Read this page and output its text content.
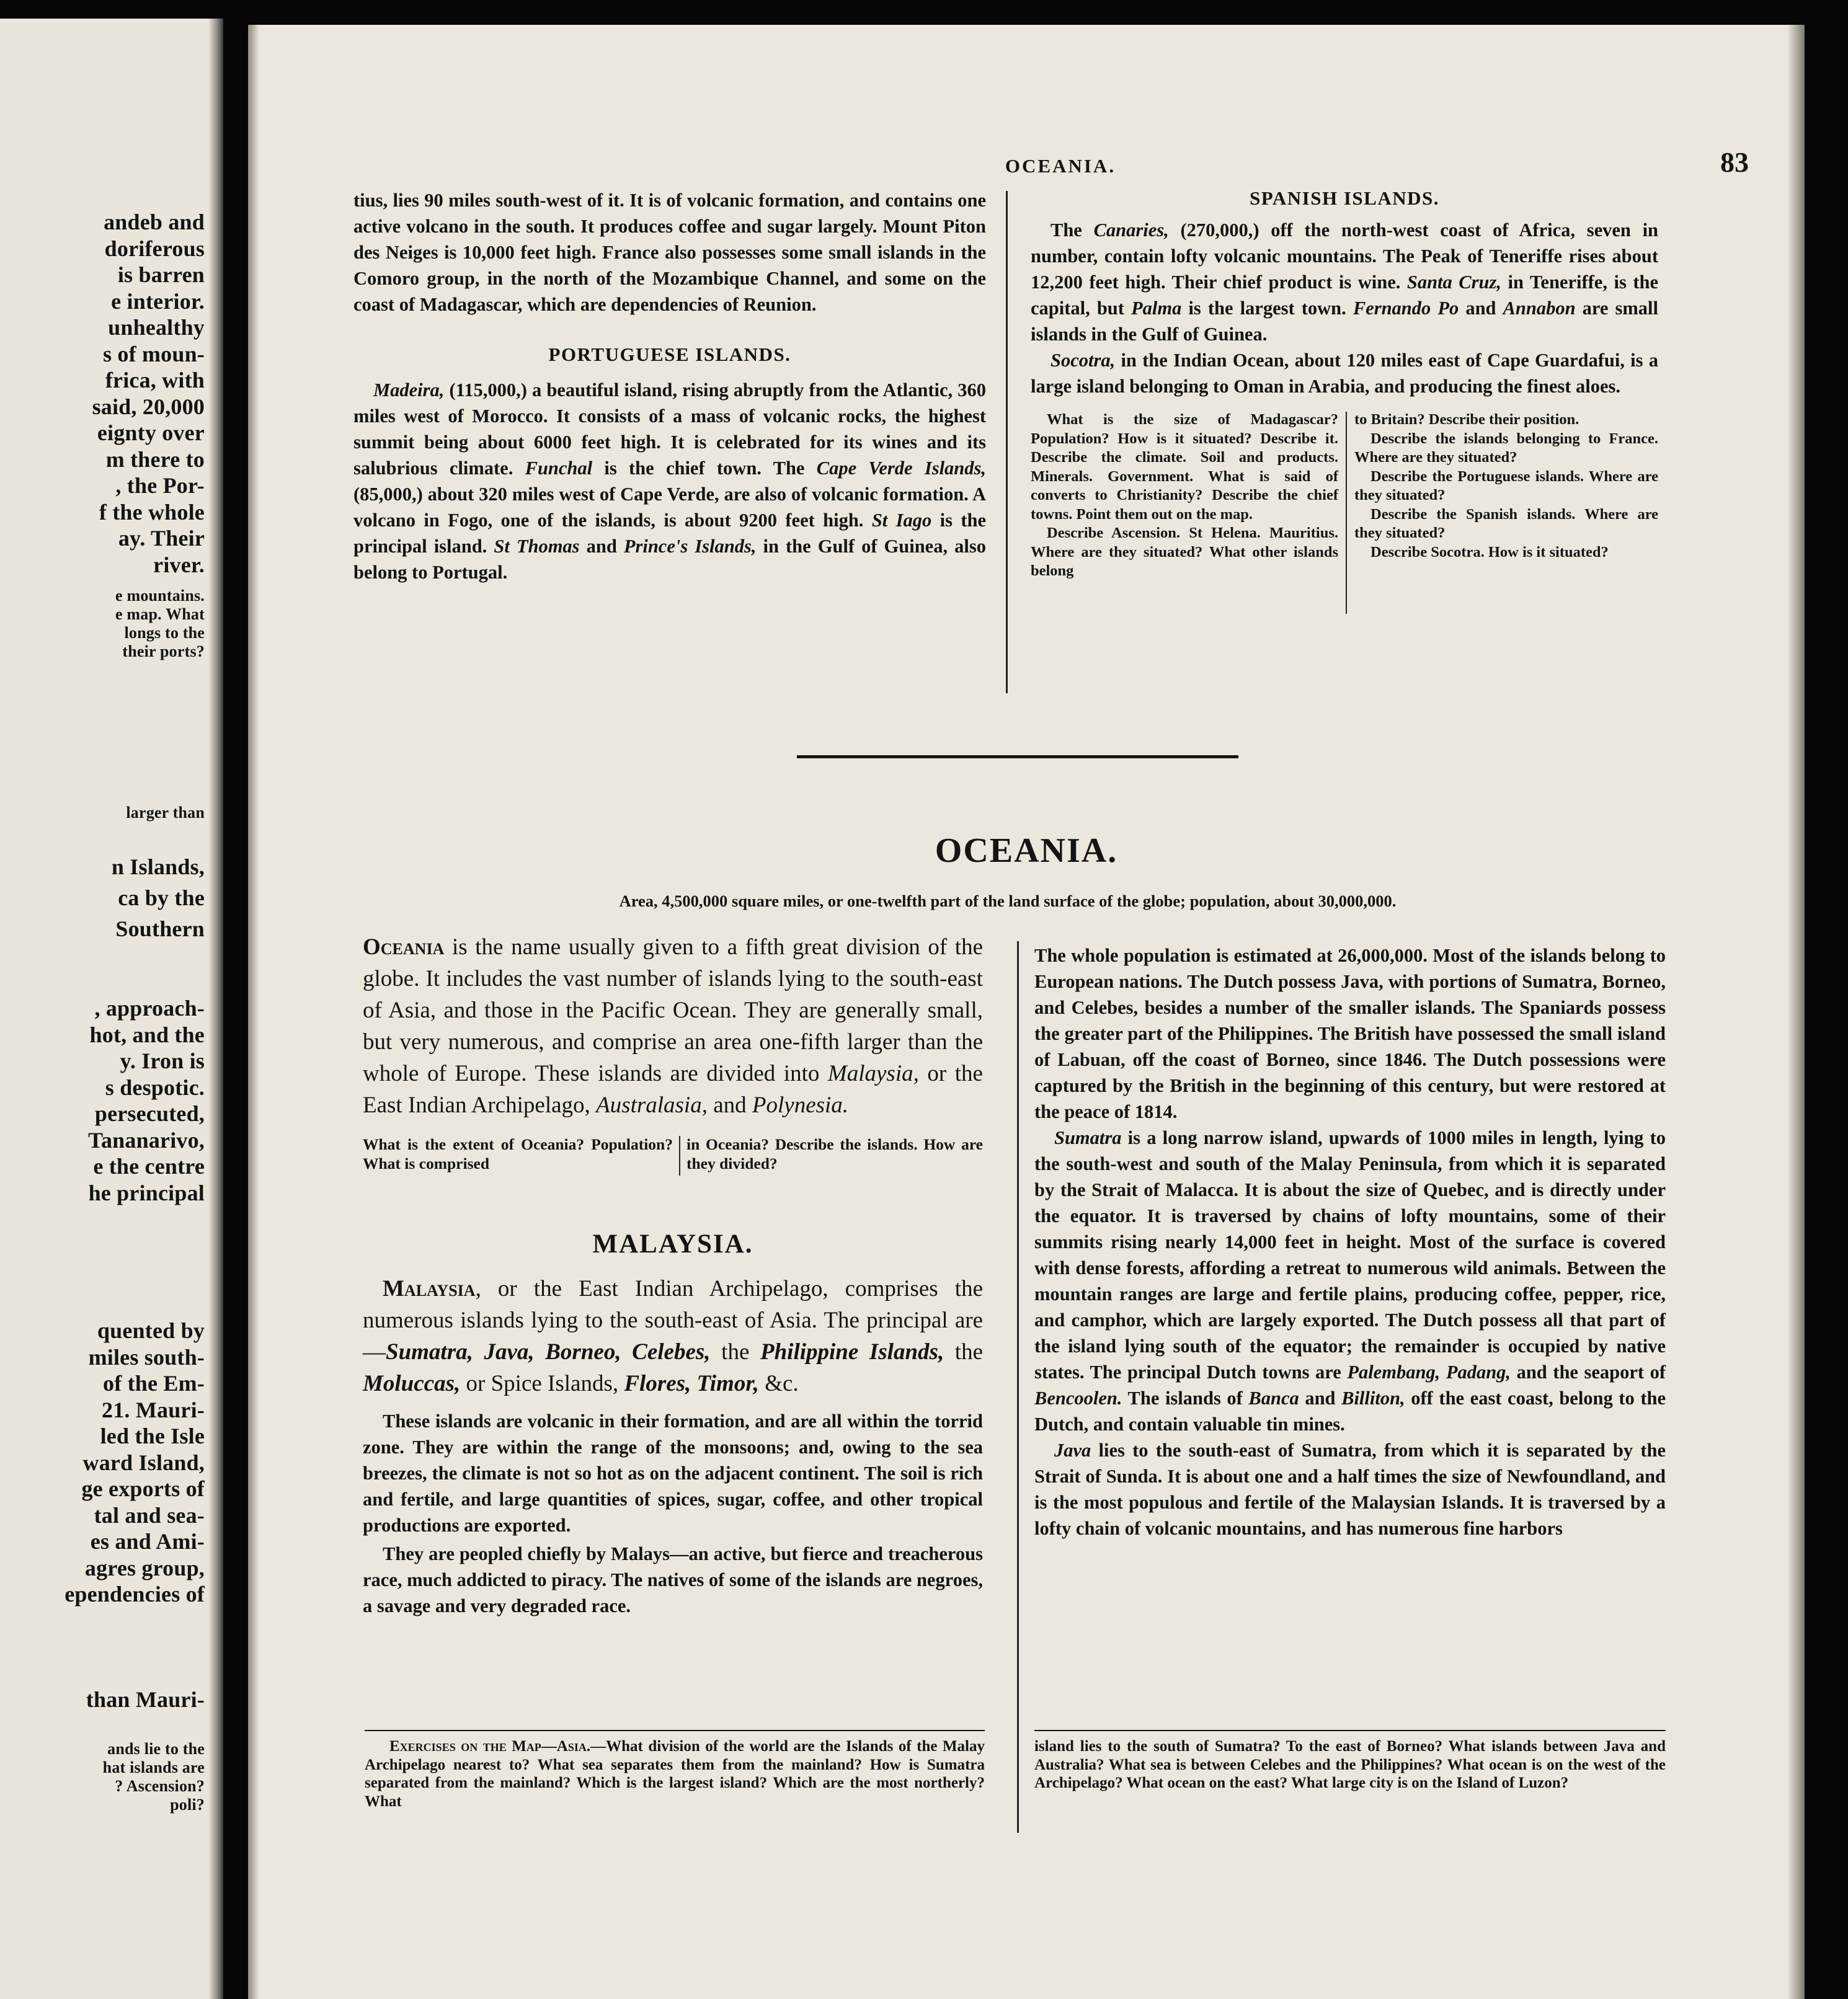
andeb and
doriferous
is barren
e interior.
unhealthy
s of moun-
frica, with
said, 20,000
eignty over
m there to
, the Por-
f the whole
ay. Their
river.
e mountains.
e map. What
longs to the
their ports?
larger than
n Islands,
ca by the
Southern
, approach-
hot, and the
y. Iron is
s despotic.
persecuted,
Tananarivo,
e the centre
he principal
quented by
miles south-
of the Em-
21. Mauri-
led the Isle
ward Island,
ge exports of
tal and sea-
es and Ami-
agres group,
ependencies of
than Mauri-
ands lie to the
hat islands are
? Ascension?
poli?
OCEANIA.	83

tius, lies 90 miles south-west of it. It is of volcanic formation, and contains one active volcano in the south. It produces coffee and sugar largely. Mount Piton des Neiges is 10,000 feet high. France also possesses some small islands in the Comoro group, in the north of the Mozambique Channel, and some on the coast of Madagascar, which are dependencies of Reunion.

PORTUGUESE ISLANDS.

Madeira, (115,000,) a beautiful island, rising abruptly from the Atlantic, 360 miles west of Morocco. It consists of a mass of volcanic rocks, the highest summit being about 6000 feet high. It is celebrated for its wines and its salubrious climate. Funchal is the chief town. The Cape Verde Islands, (85,000,) about 320 miles west of Cape Verde, are also of volcanic formation. A volcano in Fogo, one of the islands, is about 9200 feet high. St Iago is the principal island. St Thomas and Prince's Islands, in the Gulf of Guinea, also belong to Portugal.

SPANISH ISLANDS.

The Canaries, (270,000,) off the north-west coast of Africa, seven in number, contain lofty volcanic mountains. The Peak of Teneriffe rises about 12,200 feet high. Their chief product is wine. Santa Cruz, in Teneriffe, is the capital, but Palma is the largest town. Fernando Po and Annabon are small islands in the Gulf of Guinea.

Socotra, in the Indian Ocean, about 120 miles east of Cape Guardafui, is a large island belonging to Oman in Arabia, and producing the finest aloes.

What is the size of Madagascar? Population? How is it situated? Describe it. Describe the climate. Soil and products. Minerals. Government. What is said of converts to Christianity? Describe the chief towns. Point them out on the map.

Describe Ascension. St Helena. Mauritius. Where are they situated? What other islands belong

to Britain? Describe their position.

Describe the islands belonging to France. Where are they situated?

Describe the Portuguese islands. Where are they situated?

Describe the Spanish islands. Where are they situated?

Describe Socotra. How is it situated?

OCEANIA.
Area, 4,500,000 square miles, or one-twelfth part of the land surface of the globe; population, about 30,000,000.

Oceania is the name usually given to a fifth great division of the globe. It includes the vast number of islands lying to the south-east of Asia, and those in the Pacific Ocean. They are generally small, but very numerous, and comprise an area one-fifth larger than the whole of Europe. These islands are divided into Malaysia, or the East Indian Archipelago, Australasia, and Polynesia.

What is the extent of Oceania? Population? What is comprised

in Oceania? Describe the islands. How are they divided?

MALAYSIA.

Malaysia, or the East Indian Archipelago, comprises the numerous islands lying to the south-east of Asia. The principal are—Sumatra, Java, Borneo, Celebes, the Philippine Islands, the Moluccas, or Spice Islands, Flores, Timor, &c.

These islands are volcanic in their formation, and are all within the torrid zone. They are within the range of the monsoons; and, owing to the sea breezes, the climate is not so hot as on the adjacent continent. The soil is rich and fertile, and large quantities of spices, sugar, coffee, and other tropical productions are exported.

They are peopled chiefly by Malays—an active, but fierce and treacherous race, much addicted to piracy. The natives of some of the islands are negroes, a savage and very degraded race.

Exercises on the Map—Asia.—What division of the world are the Islands of the Malay Archipelago nearest to? What sea separates them from the mainland? How is Sumatra separated from the mainland? Which is the largest island? Which are the most northerly? What

The whole population is estimated at 26,000,000. Most of the islands belong to European nations. The Dutch possess Java, with portions of Sumatra, Borneo, and Celebes, besides a number of the smaller islands. The Spaniards possess the greater part of the Philippines. The British have possessed the small island of Labuan, off the coast of Borneo, since 1846. The Dutch possessions were captured by the British in the beginning of this century, but were restored at the peace of 1814.

Sumatra is a long narrow island, upwards of 1000 miles in length, lying to the south-west and south of the Malay Peninsula, from which it is separated by the Strait of Malacca. It is about the size of Quebec, and is directly under the equator. It is traversed by chains of lofty mountains, some of their summits rising nearly 14,000 feet in height. Most of the surface is covered with dense forests, affording a retreat to numerous wild animals. Between the mountain ranges are large and fertile plains, producing coffee, pepper, rice, and camphor, which are largely exported. The Dutch possess all that part of the island lying south of the equator; the remainder is occupied by native states. The principal Dutch towns are Palembang, Padang, and the seaport of Bencoolen. The islands of Banca and Billiton, off the east coast, belong to the Dutch, and contain valuable tin mines.

Java lies to the south-east of Sumatra, from which it is separated by the Strait of Sunda. It is about one and a half times the size of Newfoundland, and is the most populous and fertile of the Malaysian Islands. It is traversed by a lofty chain of volcanic mountains, and has numerous fine harbors

island lies to the south of Sumatra? To the east of Borneo? What islands between Java and Australia? What sea is between Celebes and the Philippines? What ocean is on the west of the Archipelago? What ocean on the east? What large city is on the Island of Luzon?
